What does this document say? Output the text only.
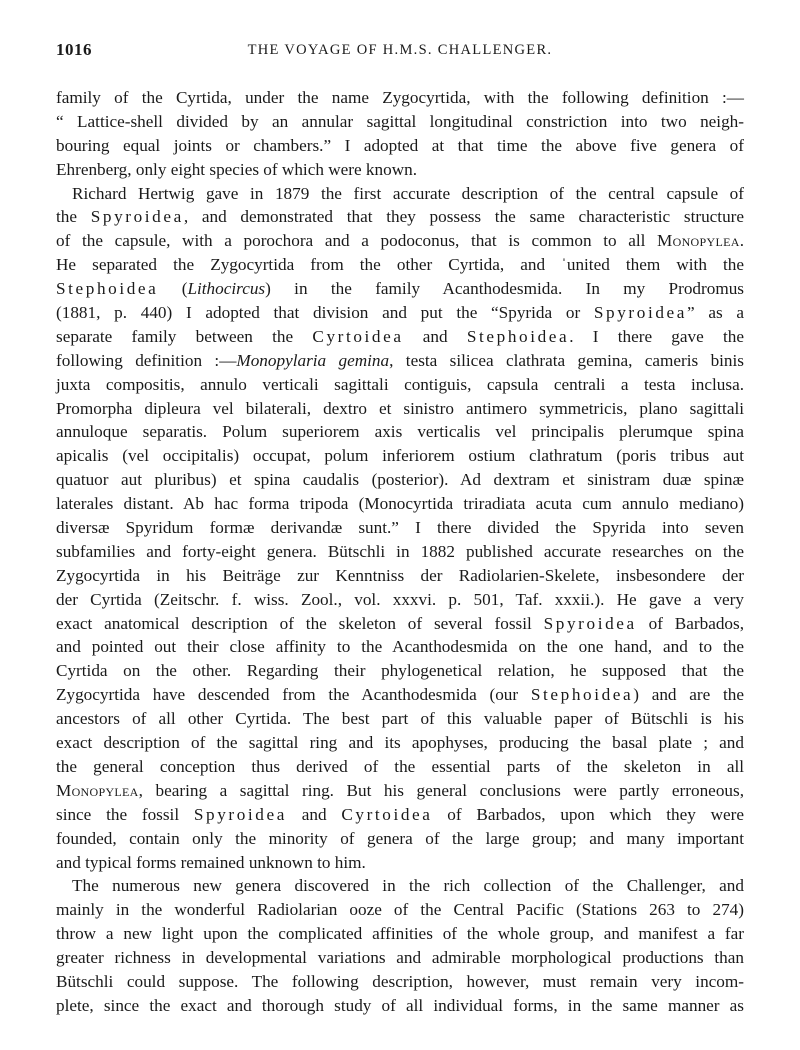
1016	THE VOYAGE OF H.M.S. CHALLENGER.
family of the Cyrtida, under the name Zygocyrtida, with the following definition :—
“ Lattice-shell divided by an annular sagittal longitudinal constriction into two neigh-
bouring equal joints or chambers.” I adopted at that time the above five genera of
Ehrenberg, only eight species of which were known.
Richard Hertwig gave in 1879 the first accurate description of the central capsule of
the Spyroidea, and demonstrated that they possess the same characteristic structure
of the capsule, with a porochora and a podoconus, that is common to all Monopylea.
He separated the Zygocyrtida from the other Cyrtida, and ˈunited them with the
Stephoidea (Lithocircus) in the family Acanthodesmida. In my Prodromus
(1881, p. 440) I adopted that division and put the “Spyrida or Spyroidea” as a
separate family between the Cyrtoidea and Stephoidea. I there gave the
following definition :—Monopylaria gemina, testa silicea clathrata gemina, cameris binis
juxta compositis, annulo verticali sagittali contiguis, capsula centrali a testa inclusa.
Promorpha dipleura vel bilaterali, dextro et sinistro antimero symmetricis, plano sagittali
annuloque separatis. Polum superiorem axis verticalis vel principalis plerumque spina
apicalis (vel occipitalis) occupat, polum inferiorem ostium clathratum (poris tribus aut
quatuor aut pluribus) et spina caudalis (posterior). Ad dextram et sinistram duæ spinæ
laterales distant. Ab hac forma tripoda (Monocyrtida triradiata acuta cum annulo mediano)
diversæ Spyridum formæ derivandæ sunt.” I there divided the Spyrida into seven
subfamilies and forty-eight genera. Bütschli in 1882 published accurate researches on the
Zygocyrtida in his Beiträge zur Kenntniss der Radiolarien-Skelete, insbesondere der
der Cyrtida (Zeitschr. f. wiss. Zool., vol. xxxvi. p. 501, Taf. xxxii.). He gave a very
exact anatomical description of the skeleton of several fossil Spyroidea of Barbados,
and pointed out their close affinity to the Acanthodesmida on the one hand, and to the
Cyrtida on the other. Regarding their phylogenetical relation, he supposed that the
Zygocyrtida have descended from the Acanthodesmida (our Stephoidea) and are the
ancestors of all other Cyrtida. The best part of this valuable paper of Bütschli is his
exact description of the sagittal ring and its apophyses, producing the basal plate ; and
the general conception thus derived of the essential parts of the skeleton in all
Monopylea, bearing a sagittal ring. But his general conclusions were partly erroneous,
since the fossil Spyroidea and Cyrtoidea of Barbados, upon which they were
founded, contain only the minority of genera of the large group; and many important
and typical forms remained unknown to him.
The numerous new genera discovered in the rich collection of the Challenger, and
mainly in the wonderful Radiolarian ooze of the Central Pacific (Stations 263 to 274)
throw a new light upon the complicated affinities of the whole group, and manifest a far
greater richness in developmental variations and admirable morphological productions than
Bütschli could suppose. The following description, however, must remain very incom-
plete, since the exact and thorough study of all individual forms, in the same manner as
